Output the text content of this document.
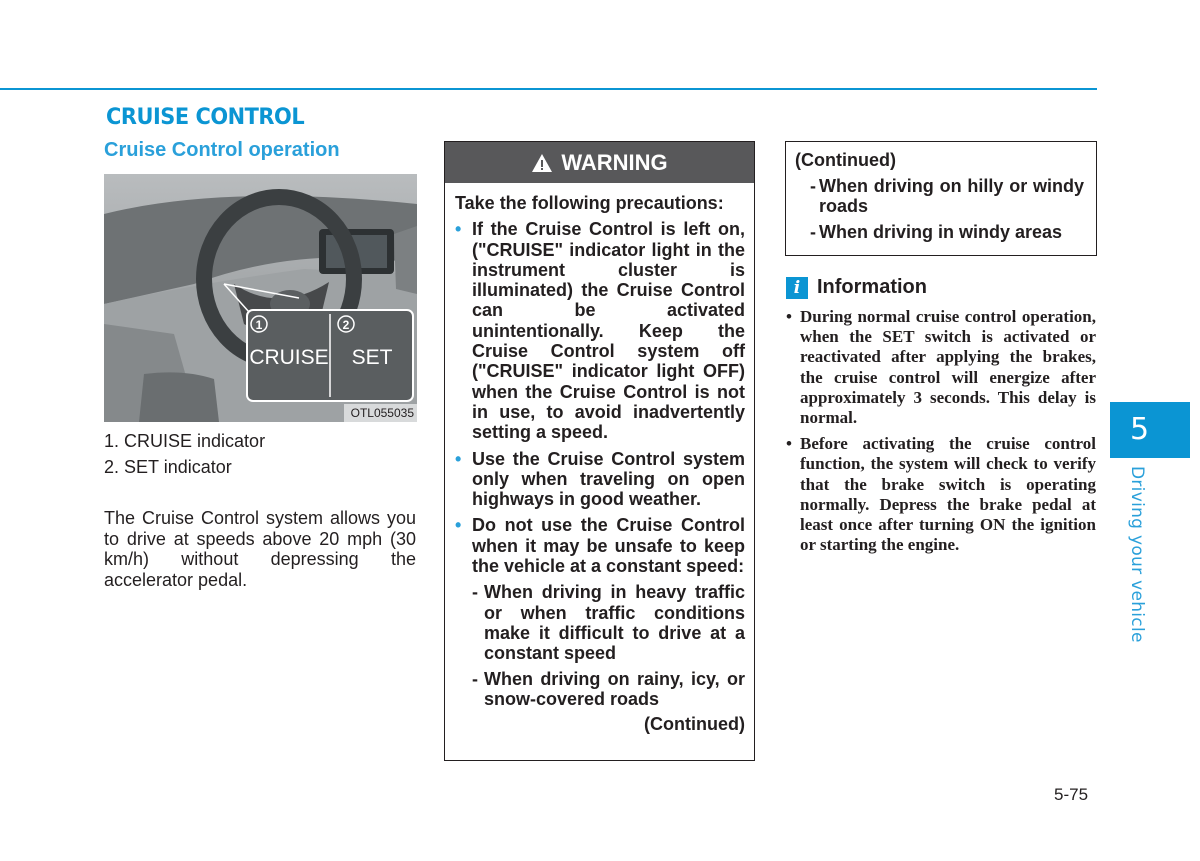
CRUISE CONTROL
Cruise Control operation
1	2
CRUISE SET
OTL055035

1. CRUISE indicator

2. SET indicator

The Cruise Control system allows you to drive at speeds above 20 mph (30 km/h) without depressing the accelerator pedal.

WARNING

Take the following precautions:

• If the Cruise Control is left on, ("CRUISE" indicator light in the instrument cluster is illuminated) the Cruise Control can be activated unintentionally. Keep the Cruise Control system off ("CRUISE" indicator light OFF) when the Cruise Control is not in use, to avoid inadvertently setting a speed.
• Use the Cruise Control system only when traveling on open highways in good weather.
• Do not use the Cruise Control when it may be unsafe to keep the vehicle at a constant speed:
- When driving in heavy traffic or when traffic conditions make it difficult to drive at a constant speed
- When driving on rainy, icy, or snow-covered roads

(Continued)

(Continued)

- When driving on hilly or windy roads

- When driving in windy areas

i Information
• During normal cruise control operation, when the SET switch is activated or reactivated after applying the brakes, the cruise control will energize after approximately 3 seconds. This delay is normal.
• Before activating the cruise control function, the system will check to verify that the brake switch is operating normally. Depress the brake pedal at least once after turning ON the ignition or starting the engine.
5
Driving your vehicle
5-75
